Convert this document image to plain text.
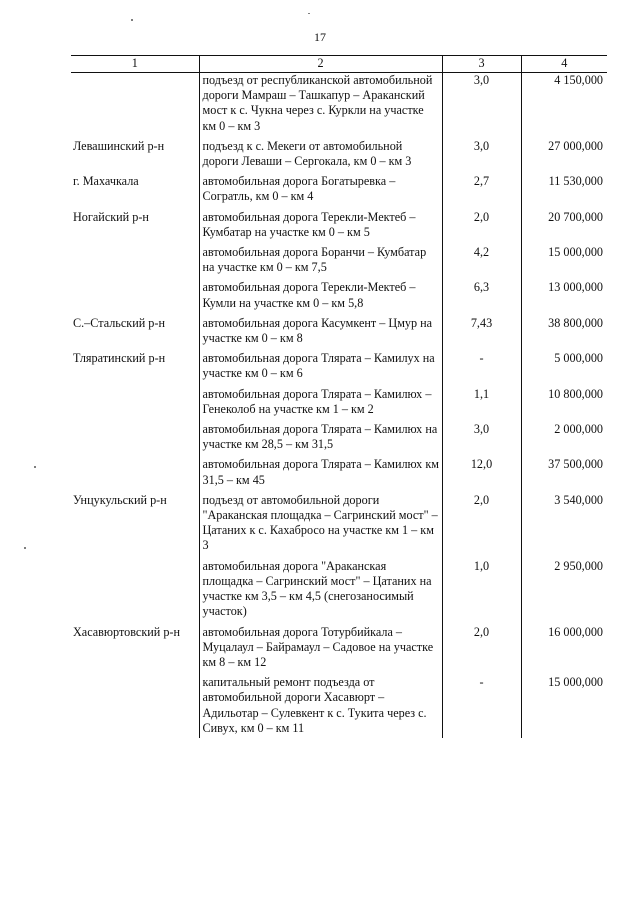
17
1	2	3	4
	подъезд от республиканской автомобильной дороги Мамраш – Ташкапур – Араканский мост к с. Чукна через с. Куркли на участке км 0 – км 3	3,0	4 150,000
Левашинский р-н	подъезд к с. Мекеги от автомобильной дороги Леваши – Сергокала, км 0 – км 3	3,0	27 000,000
г. Махачкала	автомобильная дорога Богатыревка – Согратль, км 0 – км 4	2,7	11 530,000
Ногайский р-н	автомобильная дорога Терекли-Мектеб – Кумбатар на участке км 0 – км 5	2,0	20 700,000
	автомобильная дорога Боранчи – Кумбатар на участке км 0 – км 7,5	4,2	15 000,000
	автомобильная дорога Терекли-Мектеб – Кумли на участке км 0 – км 5,8	6,3	13 000,000
С.–Стальский р-н	автомобильная дорога Касумкент – Цмур на участке км 0 – км 8	7,43	38 800,000
Тляратинский р-н	автомобильная дорога Тлярата – Камилух на участке км 0 – км 6	-	5 000,000
	автомобильная дорога Тлярата – Камилюх – Генеколоб на участке км 1 – км 2	1,1	10 800,000
	автомобильная дорога Тлярата – Камилюх на участке км 28,5 – км 31,5	3,0	2 000,000
	автомобильная дорога Тлярата – Камилюх км 31,5 – км 45	12,0	37 500,000
Унцукульский р-н	подъезд от автомобильной дороги "Араканская площадка – Сагринский мост" – Цатаних к с. Кахабросо на участке км 1 – км 3	2,0	3 540,000
	автомобильная дорога "Араканская площадка – Сагринский мост" – Цатаних на участке км 3,5 – км 4,5 (снегозаносимый участок)	1,0	2 950,000
Хасавюртовский р-н	автомобильная дорога Тотурбийкала – Муцалаул – Байрамаул – Садовое на участке км 8 – км 12	2,0	16 000,000
	капитальный ремонт подъезда от автомобильной дороги Хасавюрт – Адильотар – Сулевкент к с. Тукита через с. Сивух, км 0 – км 11	-	15 000,000
